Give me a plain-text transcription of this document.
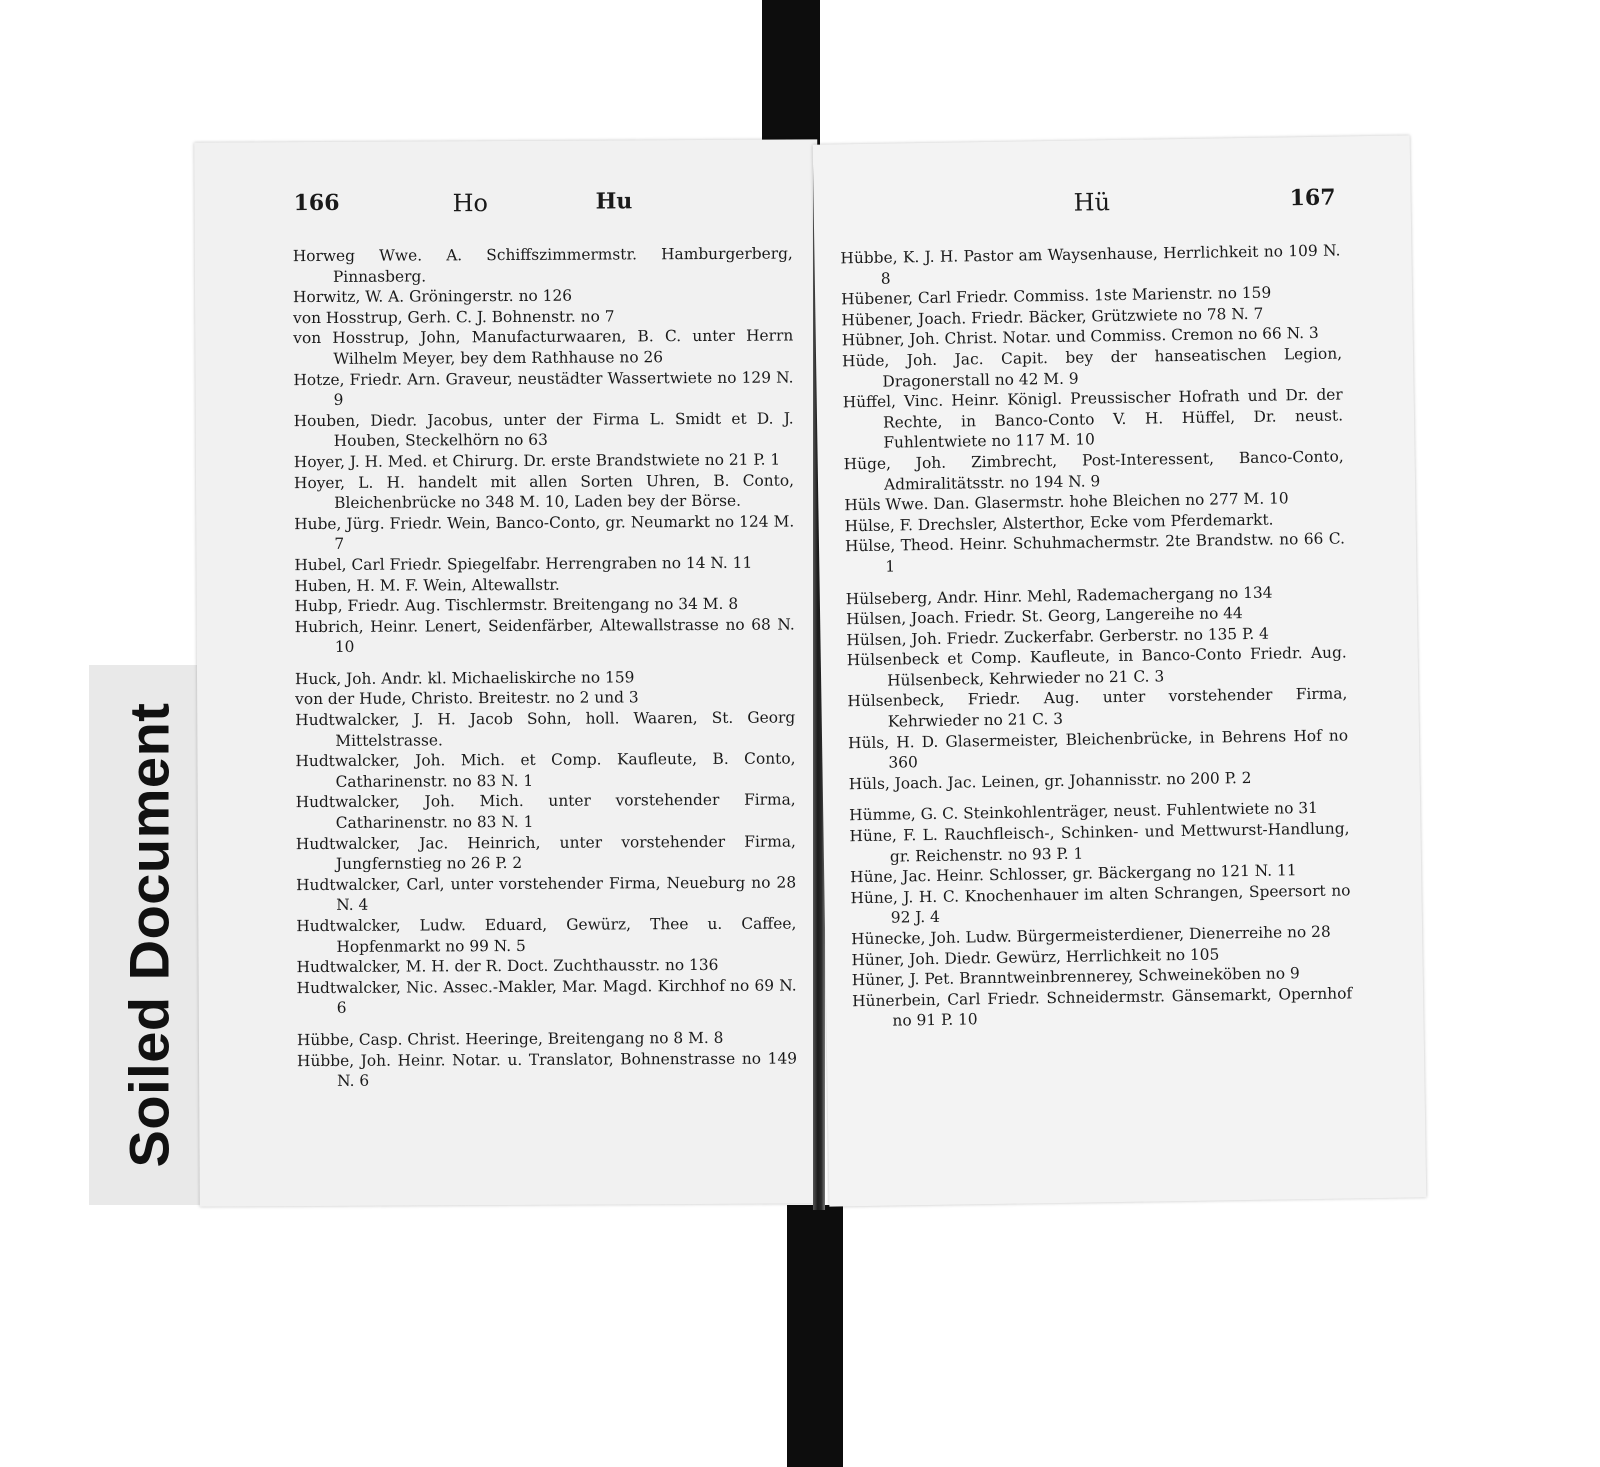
Soiled Document
166	Ho	Hu
Horweg Wwe. A. Schiffszimmermstr. Hamburgerberg, Pinnasberg.
Horwitz, W. A. Gröningerstr. no 126
von Hosstrup, Gerh. C. J. Bohnenstr. no 7
von Hosstrup, John, Manufacturwaaren, B. C. unter Herrn Wilhelm Meyer, bey dem Rathhause no 26
Hotze, Friedr. Arn. Graveur, neustädter Wassertwiete no 129 N. 9
Houben, Diedr. Jacobus, unter der Firma L. Smidt et D. J. Houben, Steckelhörn no 63
Hoyer, J. H. Med. et Chirurg. Dr. erste Brandstwiete no 21 P. 1
Hoyer, L. H. handelt mit allen Sorten Uhren, B. Conto, Bleichenbrücke no 348 M. 10, Laden bey der Börse.
Hube, Jürg. Friedr. Wein, Banco-Conto, gr. Neumarkt no 124 M. 7
Hubel, Carl Friedr. Spiegelfabr. Herrengraben no 14 N. 11
Huben, H. M. F. Wein, Altewallstr.
Hubp, Friedr. Aug. Tischlermstr. Breitengang no 34 M. 8
Hubrich, Heinr. Lenert, Seidenfärber, Altewallstrasse no 68 N. 10
Huck, Joh. Andr. kl. Michaeliskirche no 159
von der Hude, Christo. Breitestr. no 2 und 3
Hudtwalcker, J. H. Jacob Sohn, holl. Waaren, St. Georg Mittelstrasse.
Hudtwalcker, Joh. Mich. et Comp. Kaufleute, B. Conto, Catharinenstr. no 83 N. 1
Hudtwalcker, Joh. Mich. unter vorstehender Firma, Catharinenstr. no 83 N. 1
Hudtwalcker, Jac. Heinrich, unter vorstehender Firma, Jungfernstieg no 26 P. 2
Hudtwalcker, Carl, unter vorstehender Firma, Neueburg no 28 N. 4
Hudtwalcker, Ludw. Eduard, Gewürz, Thee u. Caffee, Hopfenmarkt no 99 N. 5
Hudtwalcker, M. H. der R. Doct. Zuchthausstr. no 136
Hudtwalcker, Nic. Assec.-Makler, Mar. Magd. Kirchhof no 69 N. 6
Hübbe, Casp. Christ. Heeringe, Breitengang no 8 M. 8
Hübbe, Joh. Heinr. Notar. u. Translator, Bohnenstrasse no 149 N. 6
Hü	167
Hübbe, K. J. H. Pastor am Waysenhause, Herrlichkeit no 109 N. 8
Hübener, Carl Friedr. Commiss. 1ste Marienstr. no 159
Hübener, Joach. Friedr. Bäcker, Grützwiete no 78 N. 7
Hübner, Joh. Christ. Notar. und Commiss. Cremon no 66 N. 3
Hüde, Joh. Jac. Capit. bey der hanseatischen Legion, Dragonerstall no 42 M. 9
Hüffel, Vinc. Heinr. Königl. Preussischer Hofrath und Dr. der Rechte, in Banco-Conto V. H. Hüffel, Dr. neust. Fuhlentwiete no 117 M. 10
Hüge, Joh. Zimbrecht, Post-Interessent, Banco-Conto, Admiralitätsstr. no 194 N. 9
Hüls Wwe. Dan. Glasermstr. hohe Bleichen no 277 M. 10
Hülse, F. Drechsler, Alsterthor, Ecke vom Pferdemarkt.
Hülse, Theod. Heinr. Schuhmachermstr. 2te Brandstw. no 66 C. 1
Hülseberg, Andr. Hinr. Mehl, Rademachergang no 134
Hülsen, Joach. Friedr. St. Georg, Langereihe no 44
Hülsen, Joh. Friedr. Zuckerfabr. Gerberstr. no 135 P. 4
Hülsenbeck et Comp. Kaufleute, in Banco-Conto Friedr. Aug. Hülsenbeck, Kehrwieder no 21 C. 3
Hülsenbeck, Friedr. Aug. unter vorstehender Firma, Kehrwieder no 21 C. 3
Hüls, H. D. Glasermeister, Bleichenbrücke, in Behrens Hof no 360
Hüls, Joach. Jac. Leinen, gr. Johannisstr. no 200 P. 2
Hümme, G. C. Steinkohlenträger, neust. Fuhlentwiete no 31
Hüne, F. L. Rauchfleisch-, Schinken- und Mettwurst-Handlung, gr. Reichenstr. no 93 P. 1
Hüne, Jac. Heinr. Schlosser, gr. Bäckergang no 121 N. 11
Hüne, J. H. C. Knochenhauer im alten Schrangen, Speersort no 92 J. 4
Hünecke, Joh. Ludw. Bürgermeisterdiener, Dienerreihe no 28
Hüner, Joh. Diedr. Gewürz, Herrlichkeit no 105
Hüner, J. Pet. Branntweinbrennerey, Schweineköben no 9
Hünerbein, Carl Friedr. Schneidermstr. Gänsemarkt, Opernhof no 91 P. 10
